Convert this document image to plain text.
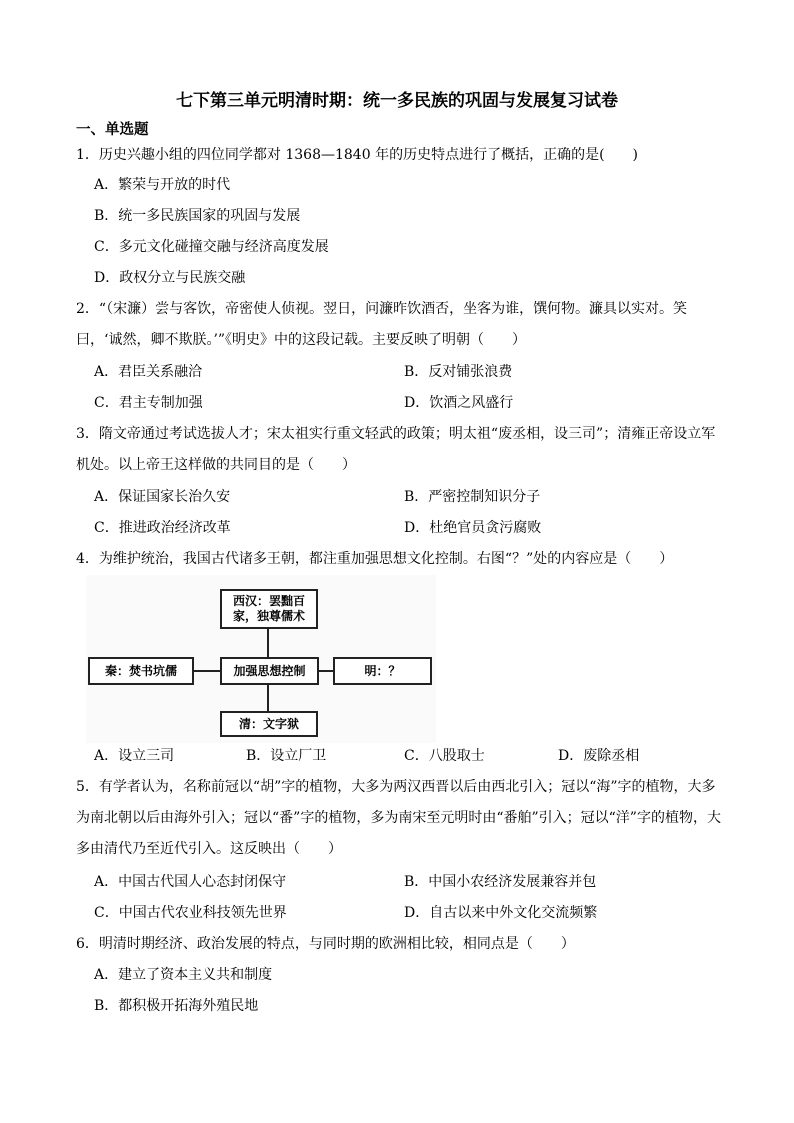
七下第三单元明清时期：统一多民族的巩固与发展复习试卷
一、单选题
1．历史兴趣小组的四位同学都对 1368—1840 年的历史特点进行了概括，正确的是(　　)
A．繁荣与开放的时代
B．统一多民族国家的巩固与发展
C．多元文化碰撞交融与经济高度发展
D．政权分立与民族交融
2．“（宋濂）尝与客饮，帝密使人侦视。翌日，问濂昨饮酒否，坐客为谁，馔何物。濂具以实对。笑曰，‘诚然，卿不欺朕。’”《明史》中的这段记载。主要反映了明朝（　　）
A．君臣关系融洽	B．反对铺张浪费
C．君主专制加强	D．饮酒之风盛行
3．隋文帝通过考试选拔人才；宋太祖实行重文轻武的政策；明太祖“废丞相，设三司”；清雍正帝设立军机处。以上帝王这样做的共同目的是（　　）
A．保证国家长治久安	B．严密控制知识分子
C．推进政治经济改革	D．杜绝官员贪污腐败
4．为维护统治，我国古代诸多王朝，都注重加强思想文化控制。右图“？”处的内容应是（　　）
西汉：罢黜百家，独尊儒术
秦：焚书坑儒	加强思想控制	明：？
清：文字狱
A．设立三司	B．设立厂卫	C．八股取士	D．废除丞相
5．有学者认为，名称前冠以“胡”字的植物，大多为两汉西晋以后由西北引入；冠以“海”字的植物，大多为南北朝以后由海外引入；冠以“番”字的植物，多为南宋至元明时由“番舶”引入；冠以“洋”字的植物，大多由清代乃至近代引入。这反映出（　　）
A．中国古代国人心态封闭保守	B．中国小农经济发展兼容并包
C．中国古代农业科技领先世界	D．自古以来中外文化交流频繁
6．明清时期经济、政治发展的特点，与同时期的欧洲相比较，相同点是（　　）
A．建立了资本主义共和制度
B．都积极开拓海外殖民地
